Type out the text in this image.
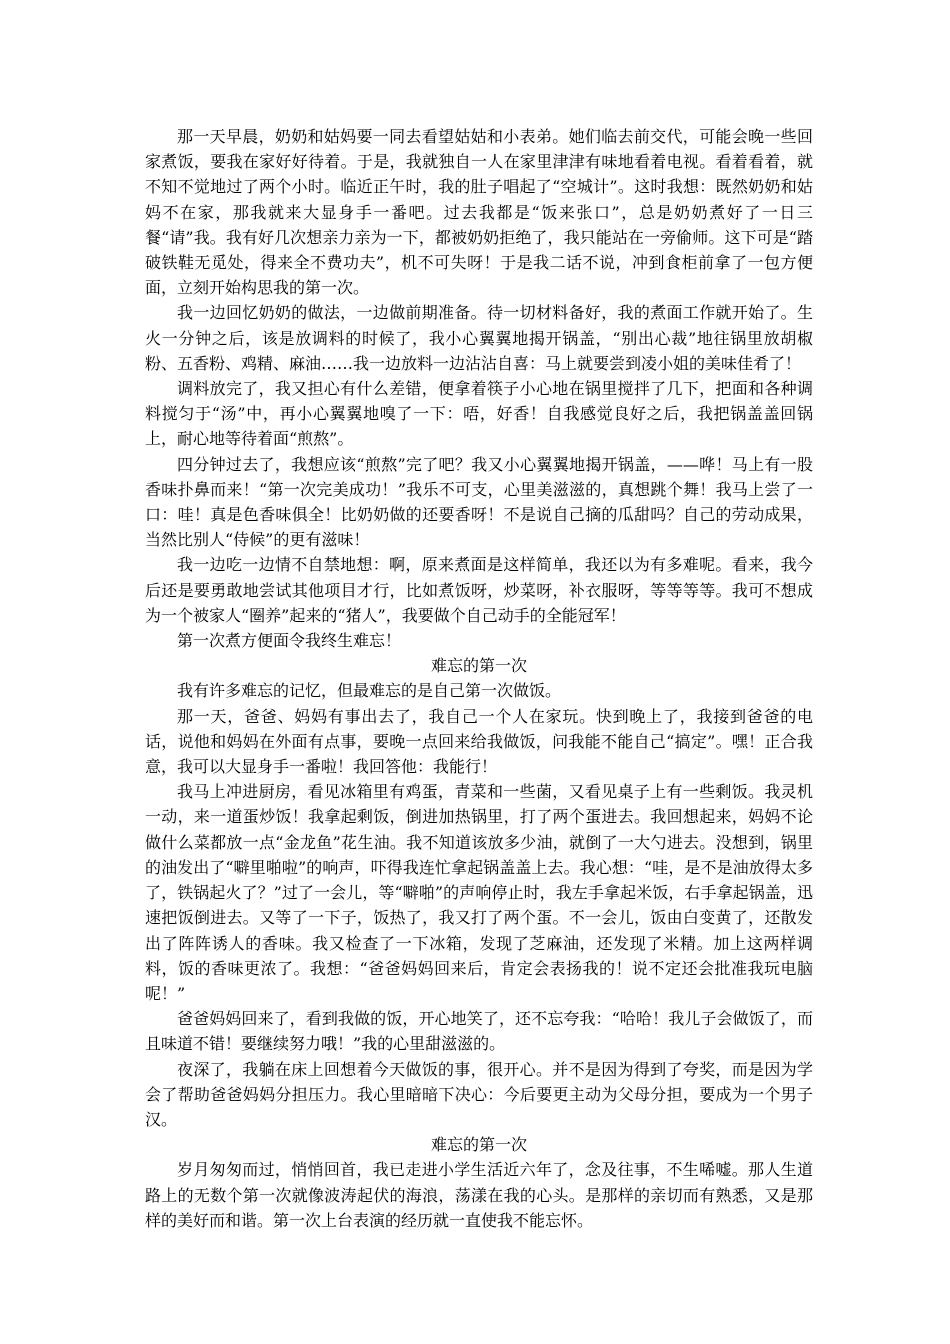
那一天早晨，奶奶和姑妈要一同去看望姑姑和小表弟。她们临去前交代，可能会晚一些回家煮饭，要我在家好好待着。于是，我就独自一人在家里津津有味地看着电视。看着看着，就不知不觉地过了两个小时。临近正午时，我的肚子唱起了“空城计”。这时我想：既然奶奶和姑妈不在家，那我就来大显身手一番吧。过去我都是“饭来张口”，总是奶奶煮好了一日三餐“请”我。我有好几次想亲力亲为一下，都被奶奶拒绝了，我只能站在一旁偷师。这下可是“踏破铁鞋无觅处，得来全不费功夫”，机不可失呀！于是我二话不说，冲到食柜前拿了一包方便面，立刻开始构思我的第一次。

我一边回忆奶奶的做法，一边做前期准备。待一切材料备好，我的煮面工作就开始了。生火一分钟之后，该是放调料的时候了，我小心翼翼地揭开锅盖，“别出心裁”地往锅里放胡椒粉、五香粉、鸡精、麻油……我一边放料一边沾沾自喜：马上就要尝到凌小姐的美味佳肴了！

调料放完了，我又担心有什么差错，便拿着筷子小心地在锅里搅拌了几下，把面和各种调料搅匀于“汤”中，再小心翼翼地嗅了一下：唔，好香！自我感觉良好之后，我把锅盖盖回锅上，耐心地等待着面“煎熬”。

四分钟过去了，我想应该“煎熬”完了吧？我又小心翼翼地揭开锅盖，——哗！马上有一股香味扑鼻而来！“第一次完美成功！”我乐不可支，心里美滋滋的，真想跳个舞！我马上尝了一口：哇！真是色香味俱全！比奶奶做的还要香呀！不是说自己摘的瓜甜吗？自己的劳动成果，当然比别人“侍候”的更有滋味！

我一边吃一边情不自禁地想：啊，原来煮面是这样简单，我还以为有多难呢。看来，我今后还是要勇敢地尝试其他项目才行，比如煮饭呀，炒菜呀，补衣服呀，等等等等。我可不想成为一个被家人“圈养”起来的“猪人”，我要做个自己动手的全能冠军！

第一次煮方便面令我终生难忘！

难忘的第一次

我有许多难忘的记忆，但最难忘的是自己第一次做饭。

那一天，爸爸、妈妈有事出去了，我自己一个人在家玩。快到晚上了，我接到爸爸的电话，说他和妈妈在外面有点事，要晚一点回来给我做饭，问我能不能自己“搞定”。嘿！正合我意，我可以大显身手一番啦！我回答他：我能行！

我马上冲进厨房，看见冰箱里有鸡蛋，青菜和一些菌，又看见桌子上有一些剩饭。我灵机一动，来一道蛋炒饭！我拿起剩饭，倒进加热锅里，打了两个蛋进去。我回想起来，妈妈不论做什么菜都放一点“金龙鱼”花生油。我不知道该放多少油，就倒了一大勺进去。没想到，锅里的油发出了“噼里啪啦”的响声，吓得我连忙拿起锅盖盖上去。我心想：“哇，是不是油放得太多了，铁锅起火了？”过了一会儿，等“噼啪”的声响停止时，我左手拿起米饭，右手拿起锅盖，迅速把饭倒进去。又等了一下子，饭热了，我又打了两个蛋。不一会儿，饭由白变黄了，还散发出了阵阵诱人的香味。我又检查了一下冰箱，发现了芝麻油，还发现了米精。加上这两样调料，饭的香味更浓了。我想：“爸爸妈妈回来后，肯定会表扬我的！说不定还会批准我玩电脑呢！”

爸爸妈妈回来了，看到我做的饭，开心地笑了，还不忘夸我：“哈哈！我儿子会做饭了，而且味道不错！要继续努力哦！”我的心里甜滋滋的。

夜深了，我躺在床上回想着今天做饭的事，很开心。并不是因为得到了夸奖，而是因为学会了帮助爸爸妈妈分担压力。我心里暗暗下决心：今后要更主动为父母分担，要成为一个男子汉。

难忘的第一次

岁月匆匆而过，悄悄回首，我已走进小学生活近六年了，念及往事，不生唏嘘。那人生道路上的无数个第一次就像波涛起伏的海浪，荡漾在我的心头。是那样的亲切而有熟悉，又是那样的美好而和谐。第一次上台表演的经历就一直使我不能忘怀。
